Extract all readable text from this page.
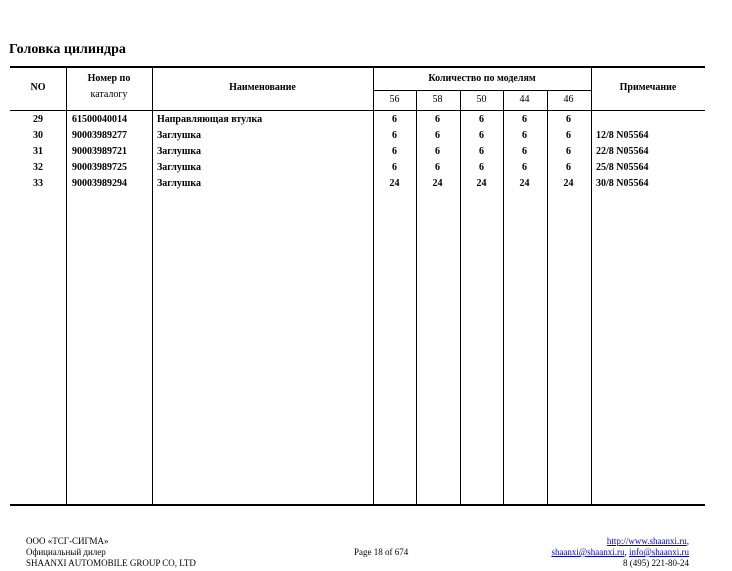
Головка цилиндра
NO
Номер по
каталогу
Наименование
Количество по моделям
Примечание
56	58	50	44	46
29	61500040014	Направляющая втулка	6	6	6	6	6
30	90003989277	Заглушка	6	6	6	6	6	12/8 N05564
31	90003989721	Заглушка	6	6	6	6	6	22/8 N05564
32	90003989725	Заглушка	6	6	6	6	6	25/8 N05564
33	90003989294	Заглушка	24	24	24	24	24	30/8 N05564
ООО «ТСГ-СИГМА»
Официальный дилер
SHAANXI AUTOMOBILE GROUP CO, LTD
Page 18 of 674
http://www.shaanxi.ru,
shaanxi@shaanxi.ru, info@shaanxi.ru
8 (495) 221-80-24
